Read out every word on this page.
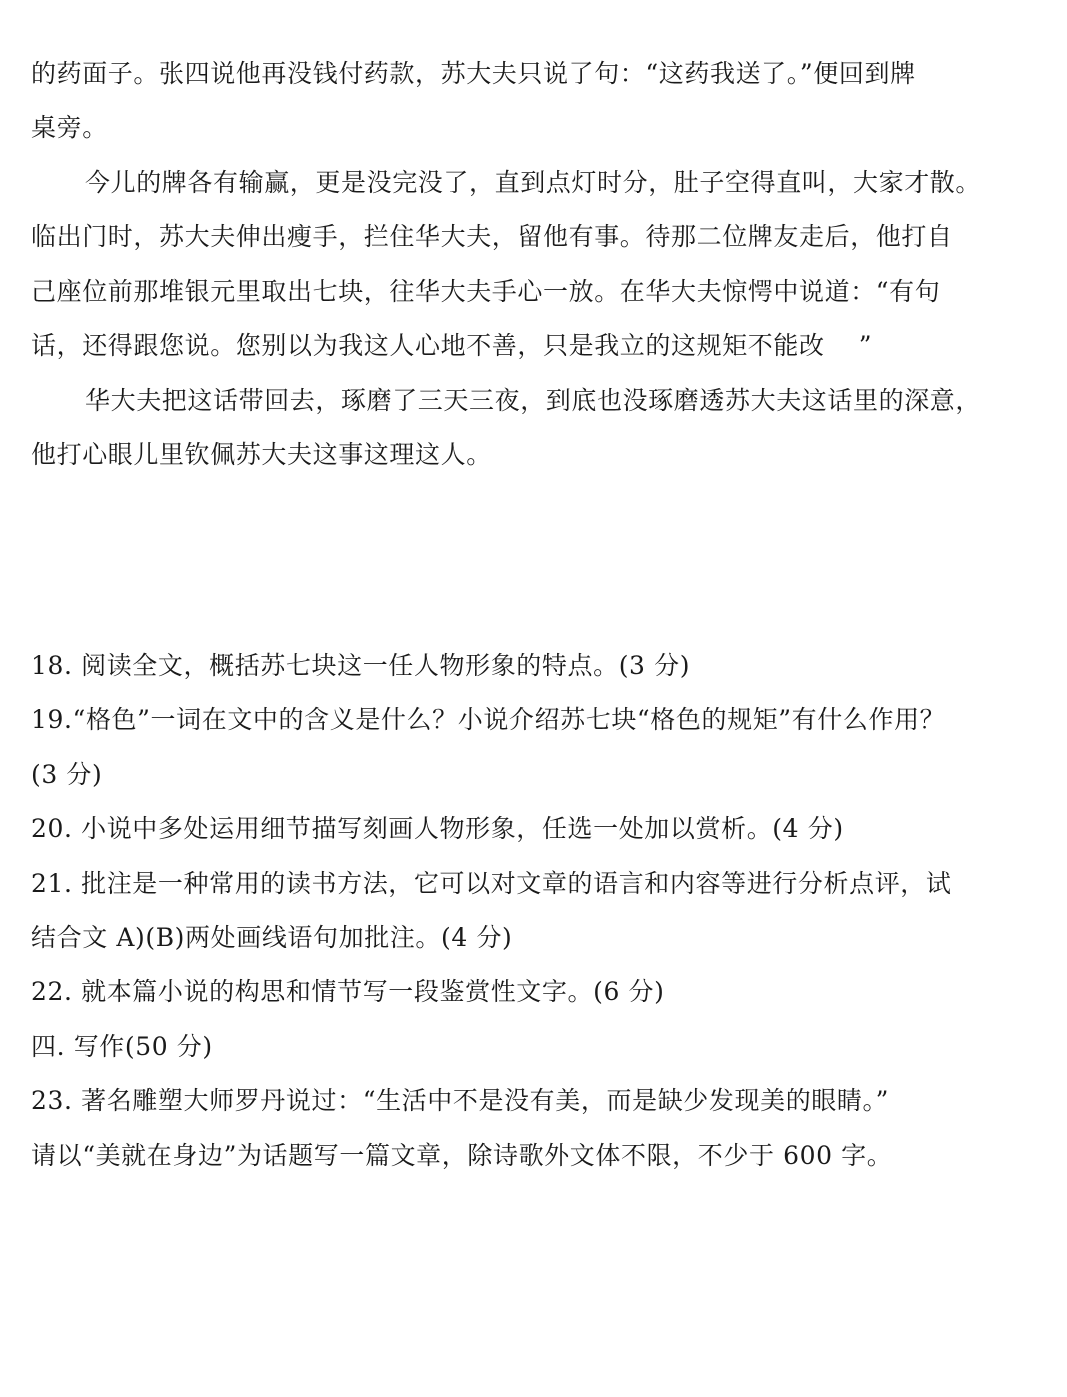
的药面子。张四说他再没钱付药款，苏大夫只说了句：“这药我送了。”便回到牌
桌旁。
今儿的牌各有输赢，更是没完没了，直到点灯时分，肚子空得直叫，大家才散。
临出门时，苏大夫伸出瘦手，拦住华大夫，留他有事。待那二位牌友走后，他打自
己座位前那堆银元里取出七块，往华大夫手心一放。在华大夫惊愕中说道：“有句
话，还得跟您说。您别以为我这人心地不善，只是我立的这规矩不能改　 ”
华大夫把这话带回去，琢磨了三天三夜，到底也没琢磨透苏大夫这话里的深意，
他打心眼儿里钦佩苏大夫这事这理这人。
18. 阅读全文，概括苏七块这一任人物形象的特点。(3 分)
19.“格色”一词在文中的含义是什么？小说介绍苏七块“格色的规矩”有什么作用？
(3 分)
20. 小说中多处运用细节描写刻画人物形象，任选一处加以赏析。(4 分)
21. 批注是一种常用的读书方法，它可以对文章的语言和内容等进行分析点评，试
结合文 A)(B)两处画线语句加批注。(4 分)
22. 就本篇小说的构思和情节写一段鉴赏性文字。(6 分)
四. 写作(50 分)
23. 著名雕塑大师罗丹说过：“生活中不是没有美，而是缺少发现美的眼睛。”
请以“美就在身边”为话题写一篇文章，除诗歌外文体不限，不少于 600 字。
